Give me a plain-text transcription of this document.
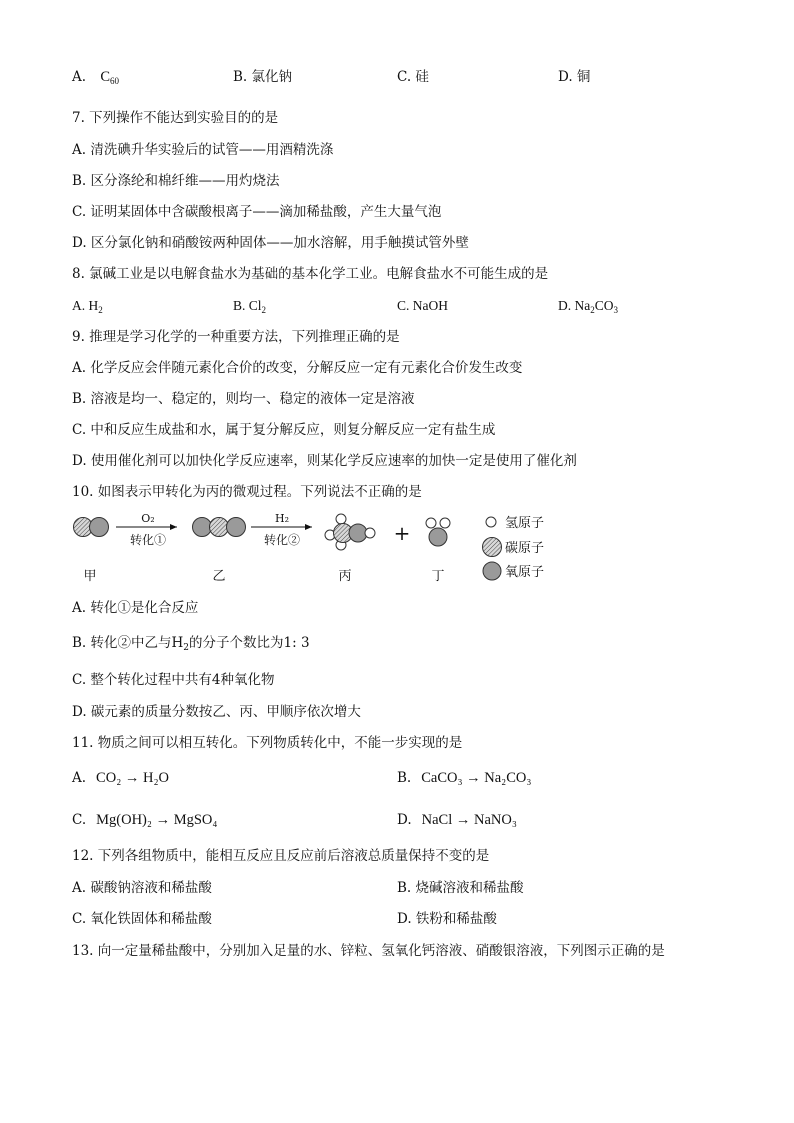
A. $C_{60}$	B. 氯化钠	C. 硅	D. 铜
7. 下列操作不能达到实验目的的是
A. 清洗碘升华实验后的试管——用酒精洗涤
B. 区分涤纶和棉纤维——用灼烧法
C. 证明某固体中含碳酸根离子——滴加稀盐酸，产生大量气泡
D. 区分氯化钠和硝酸铵两种固体——加水溶解，用手触摸试管外壁
8. 氯碱工业是以电解食盐水为基础的基本化学工业。电解食盐水不可能生成的是
A. $H_2$	B. $Cl_2$	C. NaOH	D. $Na_2CO_3$
9. 推理是学习化学的一种重要方法，下列推理正确的是
A. 化学反应会伴随元素化合价的改变，分解反应一定有元素化合价发生改变
B. 溶液是均一、稳定的，则均一、稳定的液体一定是溶液
C. 中和反应生成盐和水，属于复分解反应，则复分解反应一定有盐生成
D. 使用催化剂可以加快化学反应速率，则某化学反应速率的加快一定是使用了催化剂
10. 如图表示甲转化为丙的微观过程。下列说法不正确的是
甲
O₂
转化①
乙
H₂
转化②
丙
+
丁
氢原子
碳原子
氧原子
A. 转化①是化合反应
B. 转化②中乙与$H_2$的分子个数比为1: 3
C. 整个转化过程中共有4种氧化物
D. 碳元素的质量分数按乙、丙、甲顺序依次增大
11. 物质之间可以相互转化。下列物质转化中，不能一步实现的是
A. CO₂ → H₂O	B. CaCO₃ → Na₂CO₃
C. Mg(OH)₂ → MgSO₄	D. NaCl → NaNO₃
12. 下列各组物质中，能相互反应且反应前后溶液总质量保持不变的是
A. 碳酸钠溶液和稀盐酸	B. 烧碱溶液和稀盐酸
C. 氧化铁固体和稀盐酸	D. 铁粉和稀盐酸
13. 向一定量稀盐酸中，分别加入足量的水、锌粒、氢氧化钙溶液、硝酸银溶液，下列图示正确的是
